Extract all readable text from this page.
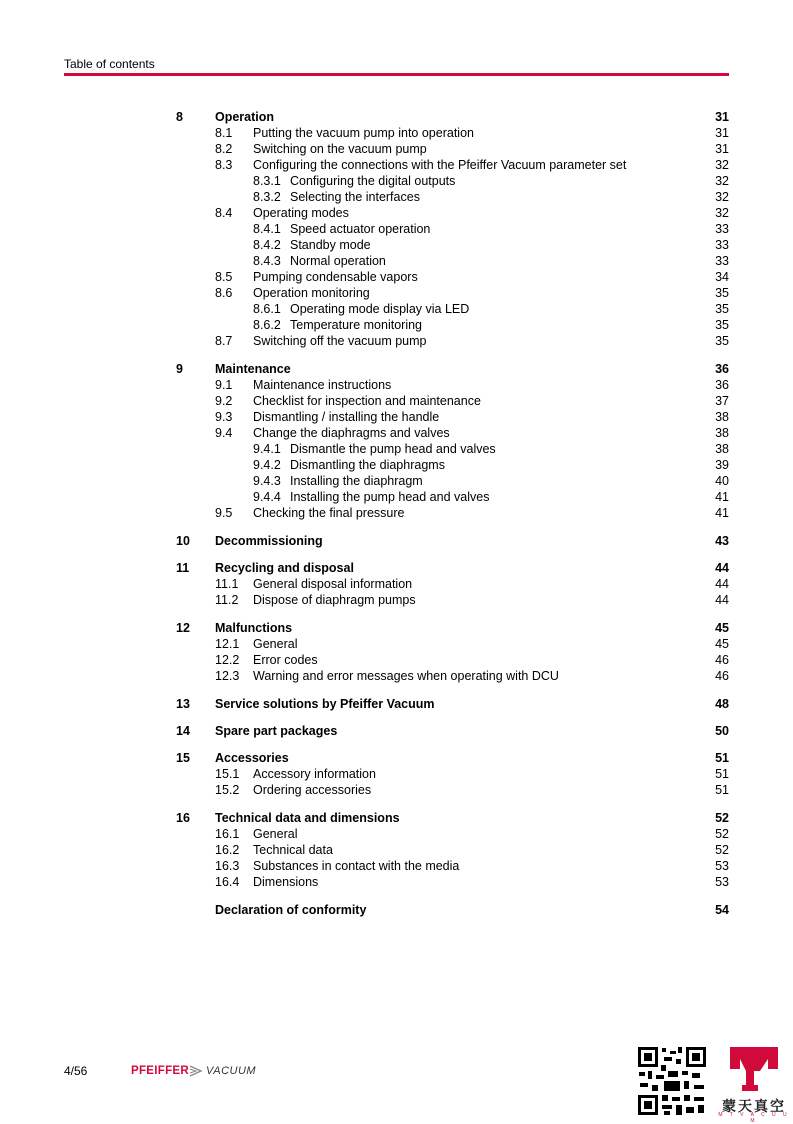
Table of contents
8	Operation	31
8.1 Putting the vacuum pump into operation	31
8.2 Switching on the vacuum pump	31
8.3 Configuring the connections with the Pfeiffer Vacuum parameter set	32
8.3.1 Configuring the digital outputs	32
8.3.2 Selecting the interfaces	32
8.4 Operating modes	32
8.4.1 Speed actuator operation	33
8.4.2 Standby mode	33
8.4.3 Normal operation	33
8.5 Pumping condensable vapors	34
8.6 Operation monitoring	35
8.6.1 Operating mode display via LED	35
8.6.2 Temperature monitoring	35
8.7 Switching off the vacuum pump	35
9	Maintenance	36
9.1 Maintenance instructions	36
9.2 Checklist for inspection and maintenance	37
9.3 Dismantling / installing the handle	38
9.4 Change the diaphragms and valves	38
9.4.1 Dismantle the pump head and valves	38
9.4.2 Dismantling the diaphragms	39
9.4.3 Installing the diaphragm	40
9.4.4 Installing the pump head and valves	41
9.5 Checking the final pressure	41
10 Decommissioning	43
11 Recycling and disposal	44
11.1 General disposal information	44
11.2 Dispose of diaphragm pumps	44
12 Malfunctions	45
12.1 General	45
12.2 Error codes	46
12.3 Warning and error messages when operating with DCU	46
13 Service solutions by Pfeiffer Vacuum	48
14 Spare part packages	50
15 Accessories	51
15.1 Accessory information	51
15.2 Ordering accessories	51
16 Technical data and dimensions	52
16.1 General	52
16.2 Technical data	52
16.3 Substances in contact with the media	53
16.4 Dimensions	53
Declaration of conformity	54
4/56	PFEIFFER VACUUM
蒙天真空
M T V A C U U M
